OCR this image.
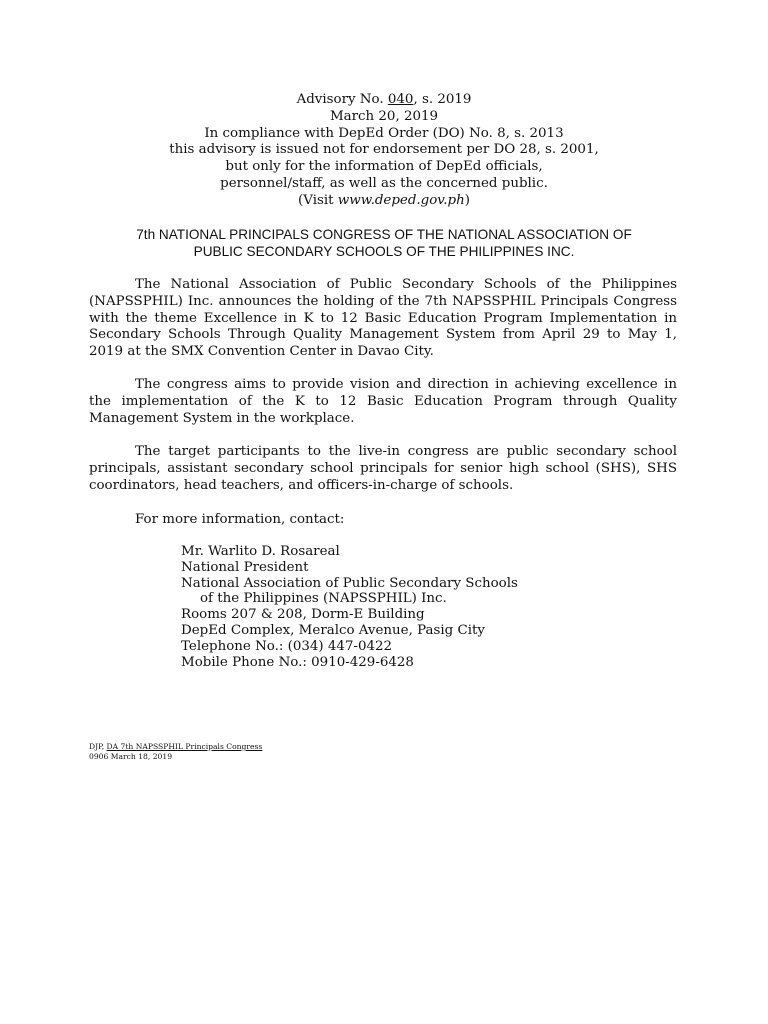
Advisory No. 040, s. 2019
March 20, 2019
In compliance with DepEd Order (DO) No. 8, s. 2013
this advisory is issued not for endorsement per DO 28, s. 2001,
but only for the information of DepEd officials,
personnel/staff, as well as the concerned public.
(Visit www.deped.gov.ph)
7th NATIONAL PRINCIPALS CONGRESS OF THE NATIONAL ASSOCIATION OF
PUBLIC SECONDARY SCHOOLS OF THE PHILIPPINES INC.

The National Association of Public Secondary Schools of the Philippines (NAPSSPHIL) Inc. announces the holding of the 7th NAPSSPHIL Principals Congress with the theme Excellence in K to 12 Basic Education Program Implementation in Secondary Schools Through Quality Management System from April 29 to May 1, 2019 at the SMX Convention Center in Davao City.

The congress aims to provide vision and direction in achieving excellence in the implementation of the K to 12 Basic Education Program through Quality Management System in the workplace.

The target participants to the live-in congress are public secondary school principals, assistant secondary school principals for senior high school (SHS), SHS coordinators, head teachers, and officers-in-charge of schools.

For more information, contact:

Mr. Warlito D. Rosareal
National President
National Association of Public Secondary Schools
of the Philippines (NAPSSPHIL) Inc.
Rooms 207 & 208, Dorm-E Building
DepEd Complex, Meralco Avenue, Pasig City
Telephone No.: (034) 447-0422
Mobile Phone No.: 0910-429-6428
DJP, DA 7th NAPSSPHIL Principals Congress
0906 March 18, 2019
